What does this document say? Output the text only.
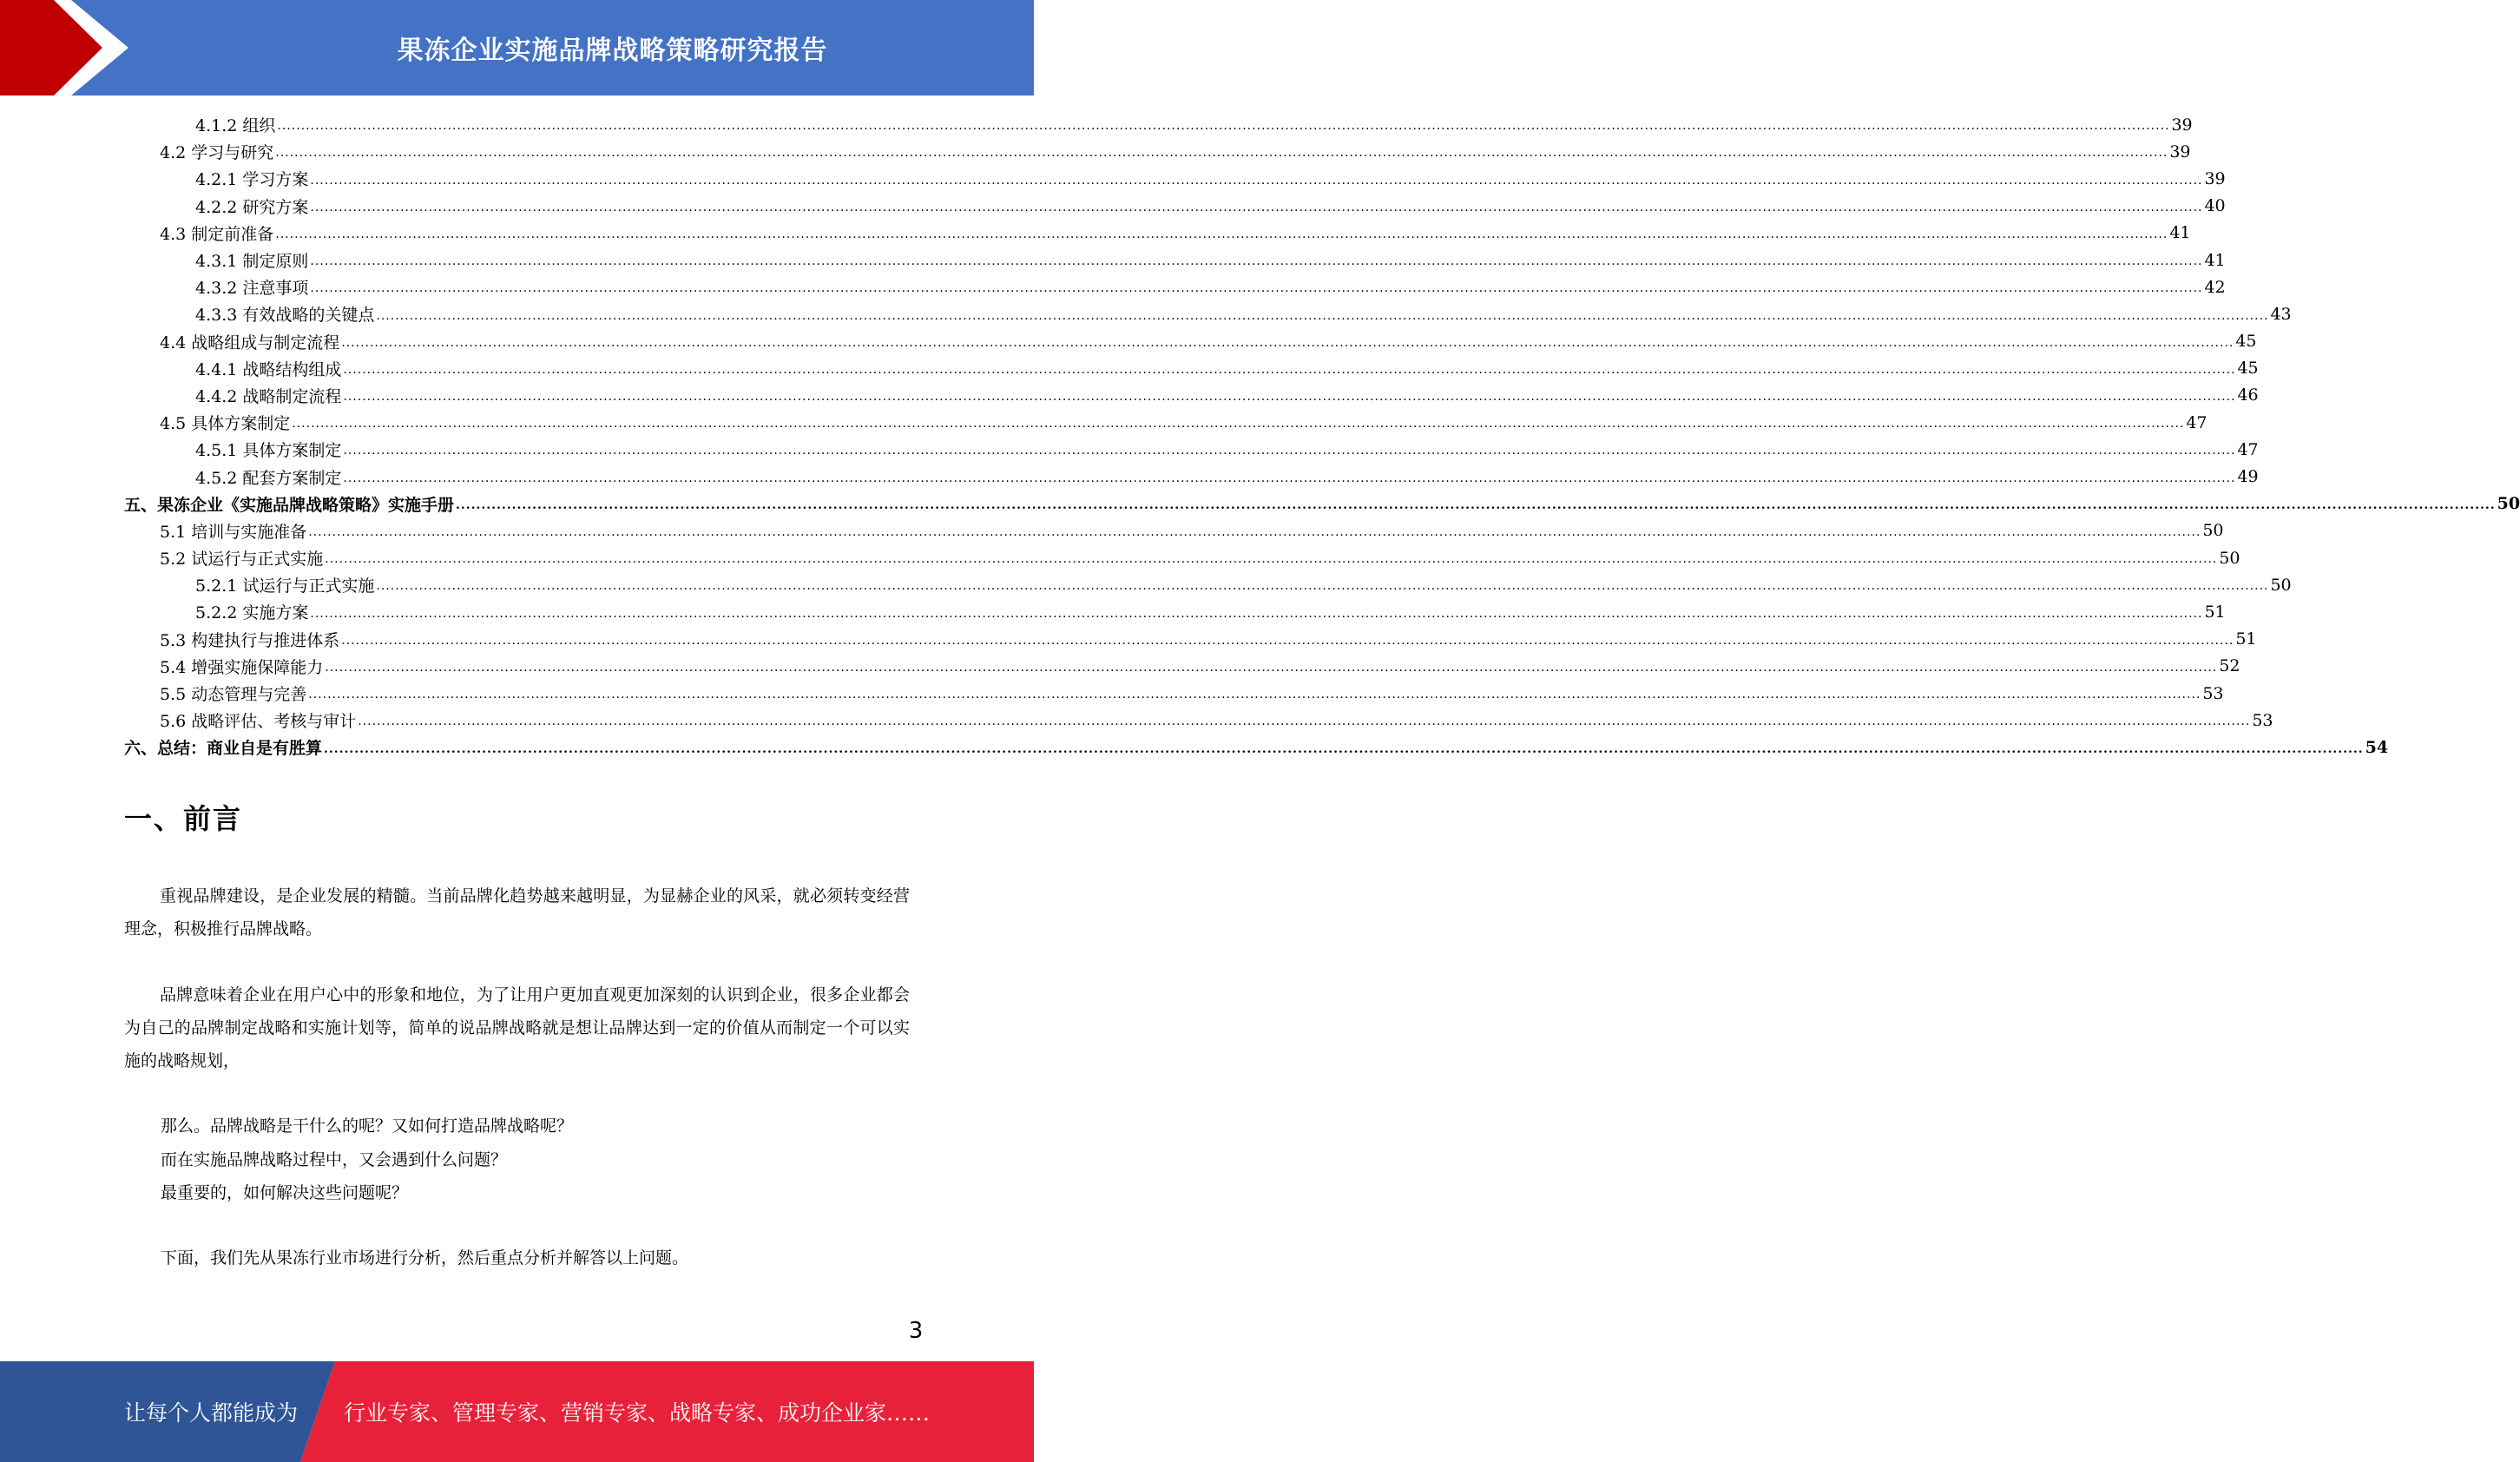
果冻企业实施品牌战略策略研究报告
4.1.2 组织 ................................................................................................................................................................................................................................................................................................................................................................................................................ 39
4.2 学习与研究 ................................................................................................................................................................................................................................................................................................................................................................................................................ 39
4.2.1 学习方案 ................................................................................................................................................................................................................................................................................................................................................................................................................ 39
4.2.2 研究方案 ................................................................................................................................................................................................................................................................................................................................................................................................................ 40
4.3 制定前准备 ................................................................................................................................................................................................................................................................................................................................................................................................................ 41
4.3.1 制定原则 ................................................................................................................................................................................................................................................................................................................................................................................................................ 41
4.3.2 注意事项 ................................................................................................................................................................................................................................................................................................................................................................................................................ 42
4.3.3 有效战略的关键点 ................................................................................................................................................................................................................................................................................................................................................................................................................ 43
4.4 战略组成与制定流程 ................................................................................................................................................................................................................................................................................................................................................................................................................ 45
4.4.1 战略结构组成 ................................................................................................................................................................................................................................................................................................................................................................................................................ 45
4.4.2 战略制定流程 ................................................................................................................................................................................................................................................................................................................................................................................................................ 46
4.5 具体方案制定 ................................................................................................................................................................................................................................................................................................................................................................................................................ 47
4.5.1 具体方案制定 ................................................................................................................................................................................................................................................................................................................................................................................................................ 47
4.5.2 配套方案制定 ................................................................................................................................................................................................................................................................................................................................................................................................................ 49
五、果冻企业《实施品牌战略策略》实施手册 ................................................................................................................................................................................................................................................................................................................................................................................................................ 50
5.1 培训与实施准备 ................................................................................................................................................................................................................................................................................................................................................................................................................ 50
5.2 试运行与正式实施 ................................................................................................................................................................................................................................................................................................................................................................................................................ 50
5.2.1 试运行与正式实施 ................................................................................................................................................................................................................................................................................................................................................................................................................ 50
5.2.2 实施方案 ................................................................................................................................................................................................................................................................................................................................................................................................................ 51
5.3 构建执行与推进体系 ................................................................................................................................................................................................................................................................................................................................................................................................................ 51
5.4 增强实施保障能力 ................................................................................................................................................................................................................................................................................................................................................................................................................ 52
5.5 动态管理与完善 ................................................................................................................................................................................................................................................................................................................................................................................................................ 53
5.6 战略评估、考核与审计 ................................................................................................................................................................................................................................................................................................................................................................................................................ 53
六、总结：商业自是有胜算 ................................................................................................................................................................................................................................................................................................................................................................................................................ 54
一、前言

重视品牌建设，是企业发展的精髓。当前品牌化趋势越来越明显，为显赫企业的风采，就必须转变经营理念，积极推行品牌战略。

品牌意味着企业在用户心中的形象和地位，为了让用户更加直观更加深刻的认识到企业，很多企业都会为自己的品牌制定战略和实施计划等，简单的说品牌战略就是想让品牌达到一定的价值从而制定一个可以实施的战略规划，

那么。品牌战略是干什么的呢？又如何打造品牌战略呢？

而在实施品牌战略过程中，又会遇到什么问题？

最重要的，如何解决这些问题呢？

下面，我们先从果冻行业市场进行分析，然后重点分析并解答以上问题。

3
让每个人都能成为 行业专家、管理专家、营销专家、战略专家、成功企业家……
